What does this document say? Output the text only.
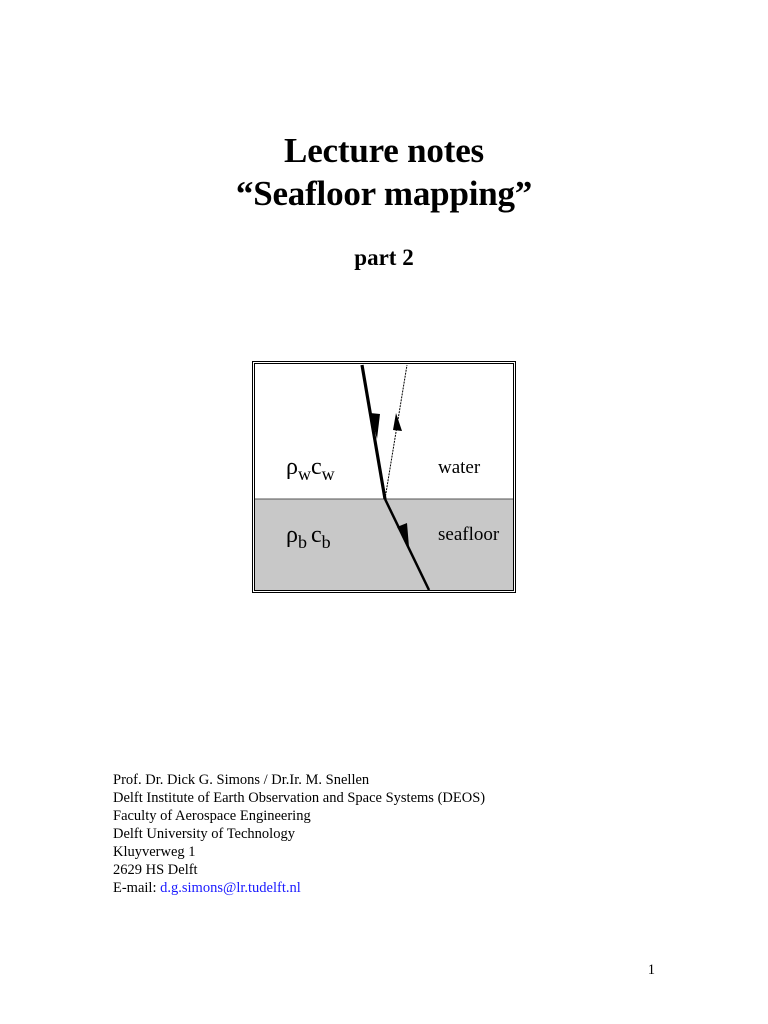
Lecture notes
“Seafloor mapping”
part 2
$\rho_wc_w$
$\rho_b$ $c_b$
water
seafloor
Prof. Dr. Dick G. Simons / Dr.Ir. M. Snellen
Delft Institute of Earth Observation and Space Systems (DEOS)
Faculty of Aerospace Engineering
Delft University of Technology
Kluyverweg 1
2629 HS Delft
E-mail: d.g.simons@lr.tudelft.nl
1
